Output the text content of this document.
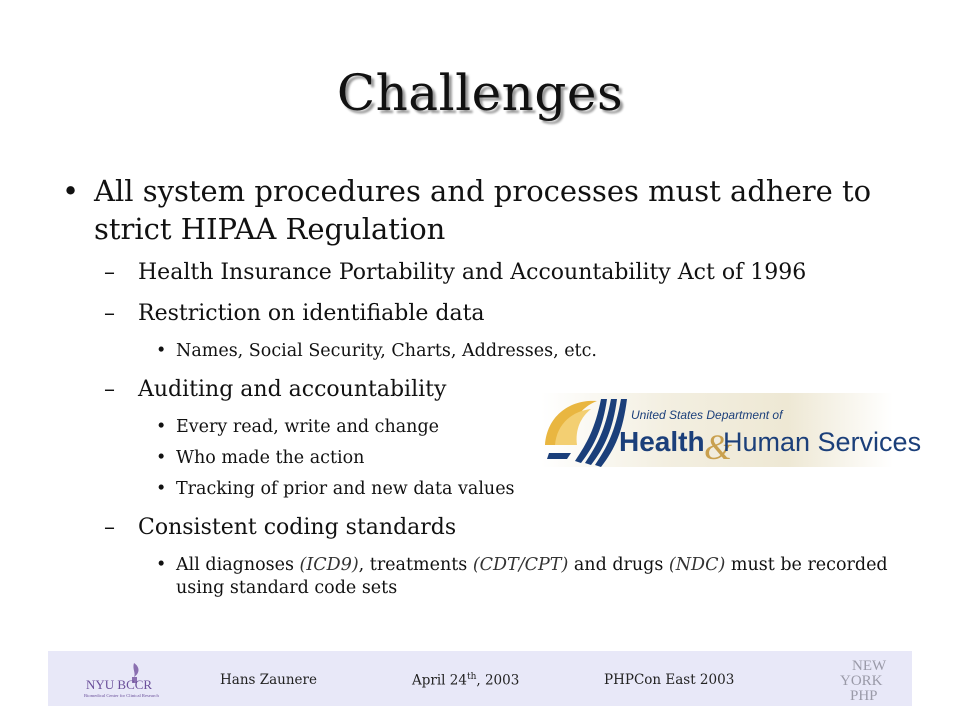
Challenges

• All system procedures and processes must adhere to strict HIPAA Regulation

– Health Insurance Portability and Accountability Act of 1996

– Restriction on identifiable data

• Names, Social Security, Charts, Addresses, etc.

– Auditing and accountability

• Every read, write and change

• Who made the action

• Tracking of prior and new data values

– Consistent coding standards

• All diagnoses (ICD9), treatments (CDT/CPT) and drugs (NDC) must be recorded using standard code sets

United States Department of
Health &
Human Services
NYU BCCR
Biomedical Center for Clinical Research
Hans Zaunere	April 24th, 2003	PHPCon East 2003
NEW
YORK
PHP
